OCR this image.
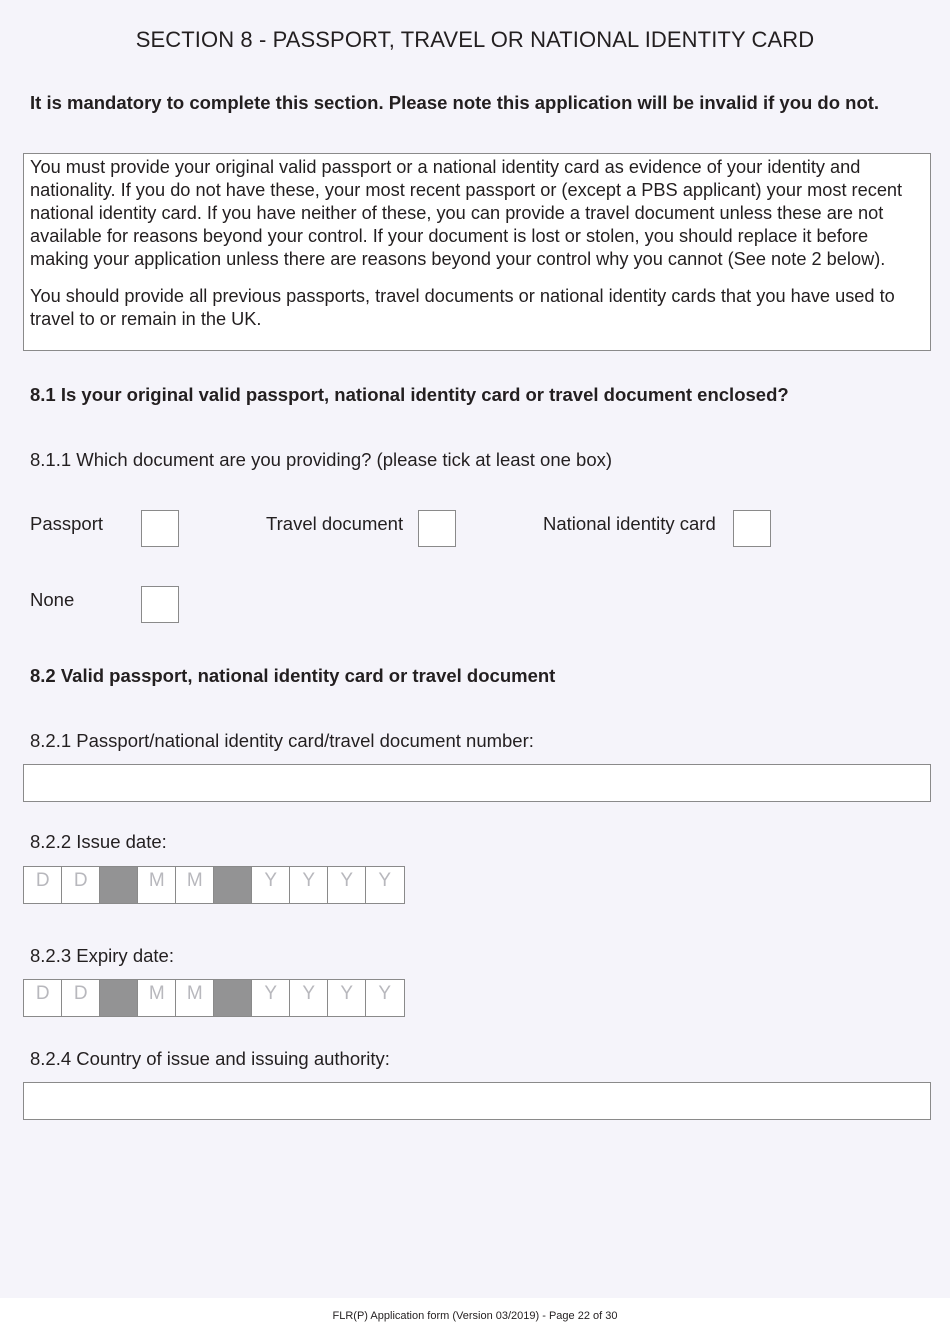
SECTION 8 - PASSPORT, TRAVEL OR NATIONAL IDENTITY CARD
It is mandatory to complete this section. Please note this application will be invalid if you do not.

You must provide your original valid passport or a national identity card as evidence of your identity and nationality. If you do not have these, your most recent passport or (except a PBS applicant) your most recent national identity card. If you have neither of these, you can provide a travel document unless these are not available for reasons beyond your control. If your document is lost or stolen, you should replace it before making your application unless there are reasons beyond your control why you cannot (See note 2 below).

You should provide all previous passports, travel documents or national identity cards that you have used to travel to or remain in the UK.

8.1 Is your original valid passport, national identity card or travel document enclosed?
8.1.1 Which document are you providing? (please tick at least one box)
Passport	Travel document	National identity card
None
8.2 Valid passport, national identity card or travel document
8.2.1 Passport/national identity card/travel document number:
8.2.2 Issue date:
D	D	M	M	Y	Y	Y	Y
8.2.3 Expiry date:
D	D	M	M	Y	Y	Y	Y
8.2.4 Country of issue and issuing authority:
FLR(P) Application form (Version 03/2019) - Page 22 of 30
